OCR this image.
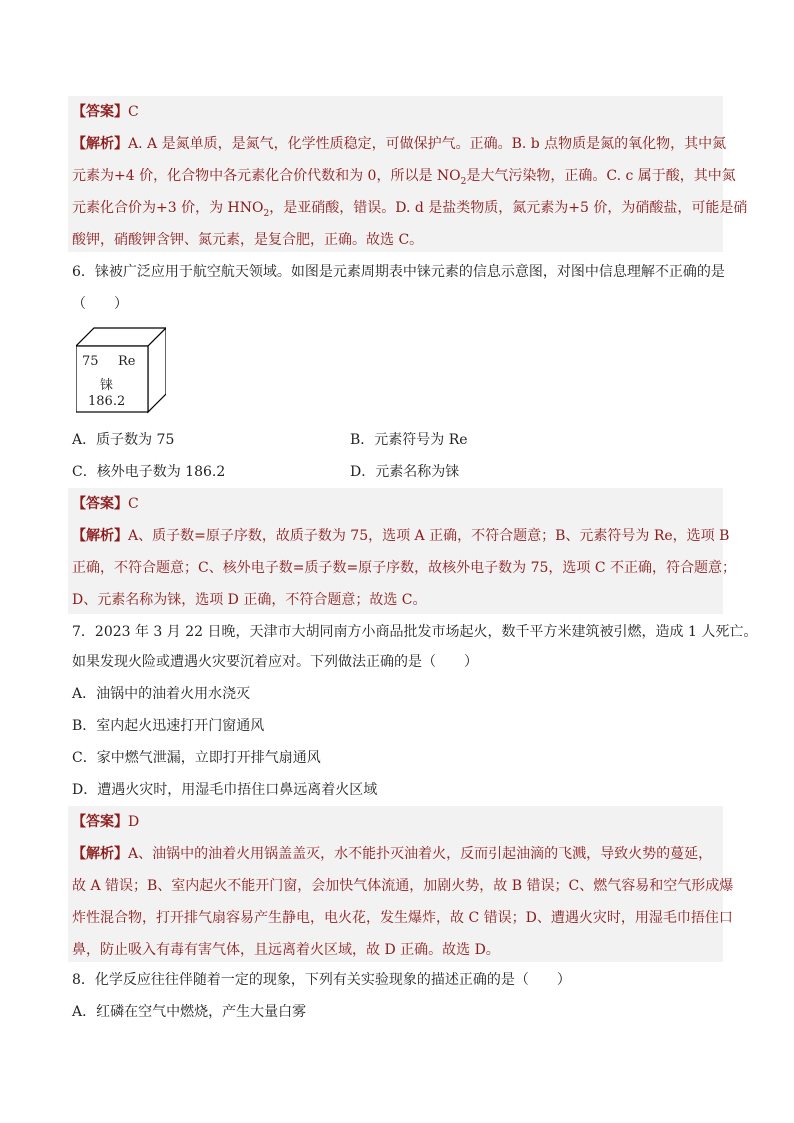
【答案】C
【解析】A. A 是氮单质，是氮气，化学性质稳定，可做保护气。正确。B. b 点物质是氮的氧化物，其中氮
元素为+4 价，化合物中各元素化合价代数和为 0，所以是 $NO_2$是大气污染物，正确。C. c 属于酸，其中氮
元素化合价为+3 价，为 $HNO_2$，是亚硝酸，错误。D. d 是盐类物质，氮元素为+5 价，为硝酸盐，可能是硝
酸钾，硝酸钾含钾、氮元素，是复合肥，正确。故选 C。
6．铼被广泛应用于航空航天领域。如图是元素周期表中铼元素的信息示意图，对图中信息理解不正确的是
（　　）
75 Re
铼
186.2
A．质子数为 75	B．元素符号为 Re
C．核外电子数为 186.2	D．元素名称为铼
【答案】C
【解析】A、质子数=原子序数，故质子数为 75，选项 A 正确，不符合题意；B、元素符号为 Re，选项 B
正确，不符合题意；C、核外电子数=质子数=原子序数，故核外电子数为 75，选项 C 不正确，符合题意；
D、元素名称为铼，选项 D 正确，不符合题意；故选 C。
7．2023 年 3 月 22 日晚，天津市大胡同南方小商品批发市场起火，数千平方米建筑被引燃，造成 1 人死亡。
如果发现火险或遭遇火灾要沉着应对。下列做法正确的是（　　）
A．油锅中的油着火用水浇灭
B．室内起火迅速打开门窗通风
C．家中燃气泄漏，立即打开排气扇通风
D．遭遇火灾时，用湿毛巾捂住口鼻远离着火区域
【答案】D
【解析】A、油锅中的油着火用锅盖盖灭，水不能扑灭油着火，反而引起油滴的飞溅，导致火势的蔓延，
故 A 错误；B、室内起火不能开门窗，会加快气体流通，加剧火势，故 B 错误；C、燃气容易和空气形成爆
炸性混合物，打开排气扇容易产生静电，电火花，发生爆炸，故 C 错误；D、遭遇火灾时，用湿毛巾捂住口
鼻，防止吸入有毒有害气体，且远离着火区域，故 D 正确。故选 D。
8．化学反应往往伴随着一定的现象，下列有关实验现象的描述正确的是（　　）
A．红磷在空气中燃烧，产生大量白雾
